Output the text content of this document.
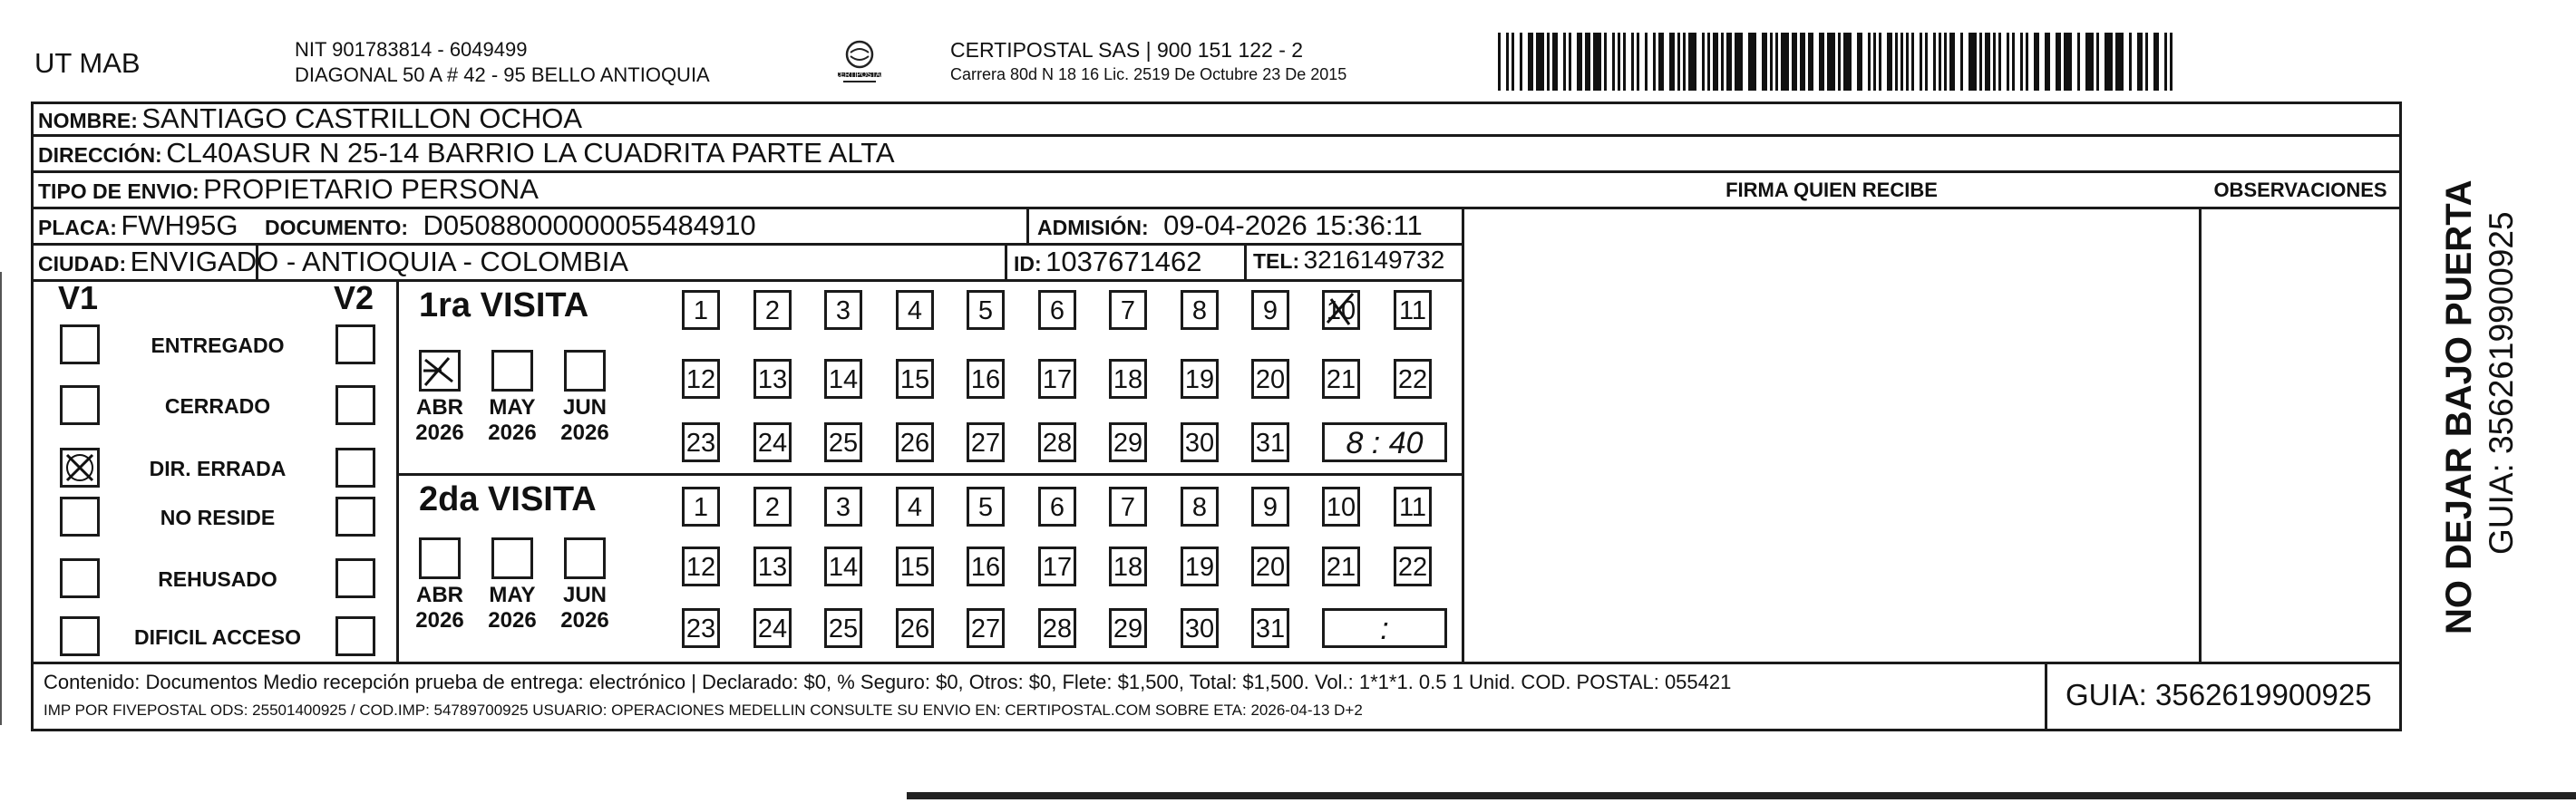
UT MAB	NIT 901783814 - 6049499
DIAGONAL 50 A # 42 - 95 BELLO ANTIOQUIA	CERTIPOSTAL
CERTIPOSTAL SAS | 900 151 122 - 2
Carrera 80d N 18 16 Lic. 2519 De Octubre 23 De 2015
NOMBRE: SANTIAGO CASTRILLON OCHOA
DIRECCIÓN: CL40ASUR N 25-14 BARRIO LA CUADRITA PARTE ALTA
TIPO DE ENVIO: PROPIETARIO PERSONA
PLACA: FWH95G DOCUMENTO: D05088000000055484910	ADMISIÓN: 09-04-2026 15:36:11
CIUDAD: ENVIGADO - ANTIOQUIA - COLOMBIA	ID: 1037671462 TEL: 3216149732
FIRMA QUIEN RECIBE	OBSERVACIONES
V1	V2
ENTREGADO
CERRADO
DIR. ERRADA
NO RESIDE
REHUSADO
DIFICIL ACCESO
1ra VISITA
2da VISITA
1	2	3	4	5	6	7	8	9	10 11
12 13 14 15 16 17 18 19 20 21 22
23 24 25 26 27 28 29 30 31	8 : 40
ABR
2026
MAY
2026
JUN
2026
1	2	3	4	5	6	7	8	9	10 11
12 13 14 15 16 17 18 19 20 21 22
23 24 25 26 27 28 29 30 31	:
ABR
2026
MAY
2026
JUN
2026
Contenido: Documentos Medio recepción prueba de entrega: electrónico | Declarado: $0, % Seguro: $0, Otros: $0, Flete: $1,500, Total: $1,500. Vol.: 1*1*1. 0.5 1 Unid. COD. POSTAL: 055421
IMP POR FIVEPOSTAL ODS: 25501400925 / COD.IMP: 54789700925 USUARIO: OPERACIONES MEDELLIN CONSULTE SU ENVIO EN: CERTIPOSTAL.COM SOBRE ETA: 2026-04-13 D+2	GUIA: 3562619900925
NO DEJAR BAJO PUERTA GUIA: 3562619900925
